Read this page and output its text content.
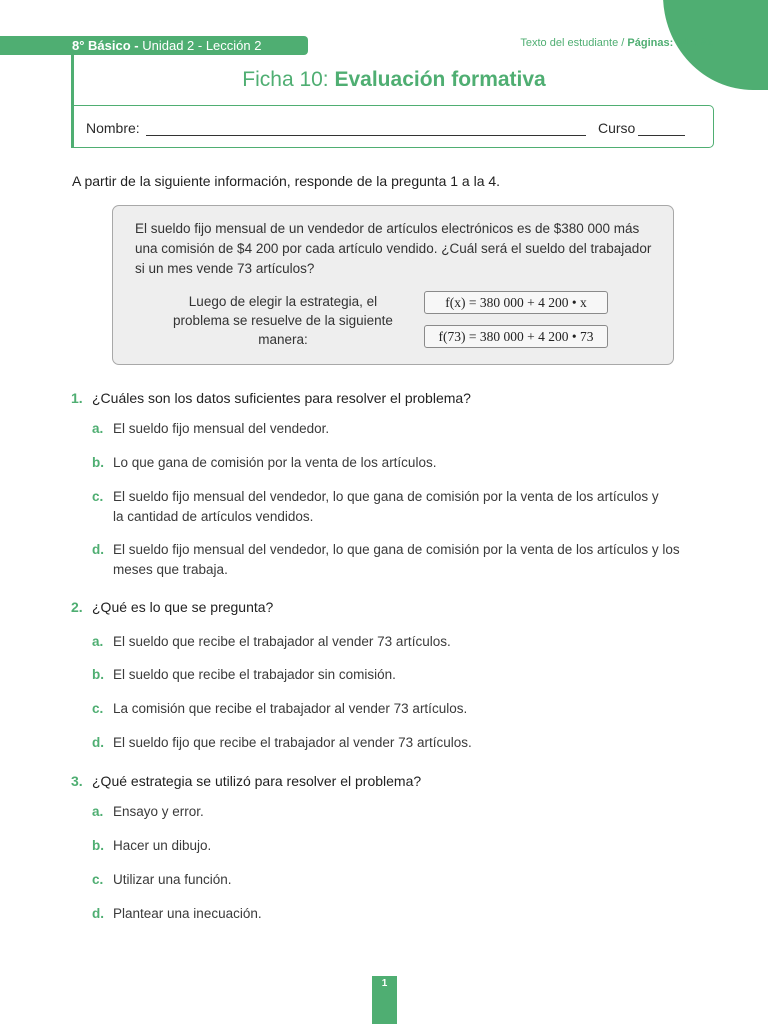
8° Básico - Unidad 2 - Lección 2	Texto del estudiante / Páginas: 64 a 81
Ficha 10: Evaluación formativa
Nombre:	Curso
A partir de la siguiente información, responde de la pregunta 1 a la 4.
El sueldo fijo mensual de un vendedor de artículos electrónicos es de $380 000 más una comisión de $4 200 por cada artículo vendido. ¿Cuál será el sueldo del trabajador si un mes vende 73 artículos?
Luego de elegir la estrategia, el problema se resuelve de la siguiente manera:
f(x) = 380 000 + 4 200 • x
f(73) = 380 000 + 4 200 • 73
1. ¿Cuáles son los datos suficientes para resolver el problema?
a. El sueldo fijo mensual del vendedor.
b. Lo que gana de comisión por la venta de los artículos.
c. El sueldo fijo mensual del vendedor, lo que gana de comisión por la venta de los artículos y la cantidad de artículos vendidos.
d. El sueldo fijo mensual del vendedor, lo que gana de comisión por la venta de los artículos y los meses que trabaja.
2. ¿Qué es lo que se pregunta?
a. El sueldo que recibe el trabajador al vender 73 artículos.
b. El sueldo que recibe el trabajador sin comisión.
c. La comisión que recibe el trabajador al vender 73 artículos.
d. El sueldo fijo que recibe el trabajador al vender 73 artículos.
3. ¿Qué estrategia se utilizó para resolver el problema?
a. Ensayo y error.
b. Hacer un dibujo.
c. Utilizar una función.
d. Plantear una inecuación.
1
